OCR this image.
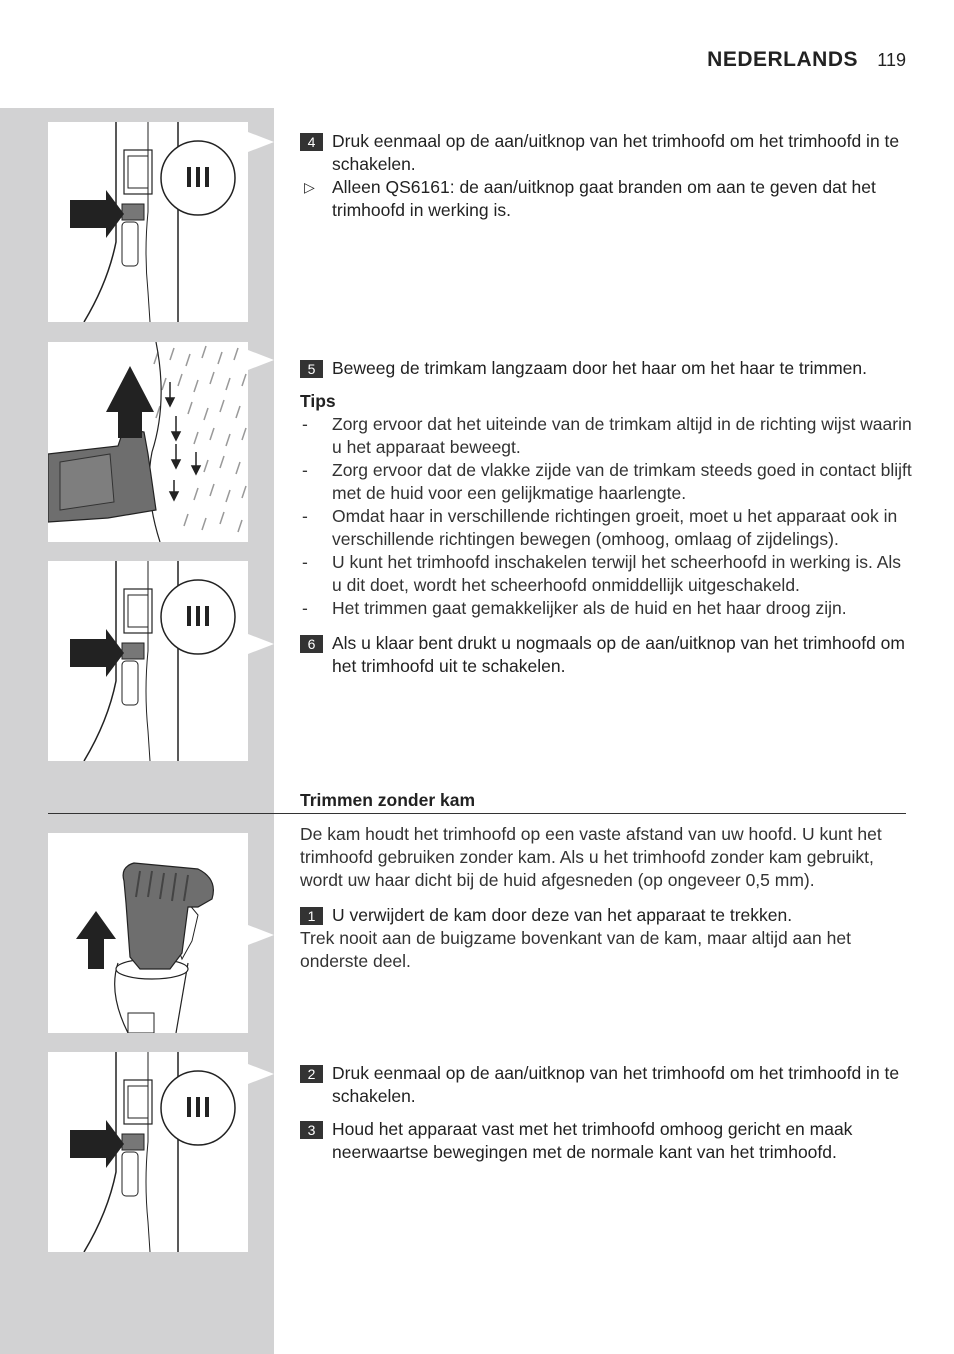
NEDERLANDS 119
4 Druk eenmaal op de aan/uitknop van het trimhoofd om het trimhoofd in te schakelen.
▷ Alleen QS6161: de aan/uitknop gaat branden om aan te geven dat het trimhoofd in werking is.
5 Beweeg de trimkam langzaam door het haar om het haar te trimmen.
Tips
- Zorg ervoor dat het uiteinde van de trimkam altijd in de richting wijst waarin u het apparaat beweegt.
- Zorg ervoor dat de vlakke zijde van de trimkam steeds goed in contact blijft met de huid voor een gelijkmatige haarlengte.
- Omdat haar in verschillende richtingen groeit, moet u het apparaat ook in verschillende richtingen bewegen (omhoog, omlaag of zijdelings).
- U kunt het trimhoofd inschakelen terwijl het scheerhoofd in werking is. Als u dit doet, wordt het scheerhoofd onmiddellijk uitgeschakeld.
- Het trimmen gaat gemakkelijker als de huid en het haar droog zijn.
6 Als u klaar bent drukt u nogmaals op de aan/uitknop van het trimhoofd om het trimhoofd uit te schakelen.
Trimmen zonder kam
De kam houdt het trimhoofd op een vaste afstand van uw hoofd. U kunt het trimhoofd gebruiken zonder kam. Als u het trimhoofd zonder kam gebruikt, wordt uw haar dicht bij de huid afgesneden (op ongeveer 0,5 mm).
1 U verwijdert de kam door deze van het apparaat te trekken.
Trek nooit aan de buigzame bovenkant van de kam, maar altijd aan het onderste deel.
2 Druk eenmaal op de aan/uitknop van het trimhoofd om het trimhoofd in te schakelen.
3 Houd het apparaat vast met het trimhoofd omhoog gericht en maak neerwaartse bewegingen met de normale kant van het trimhoofd.
